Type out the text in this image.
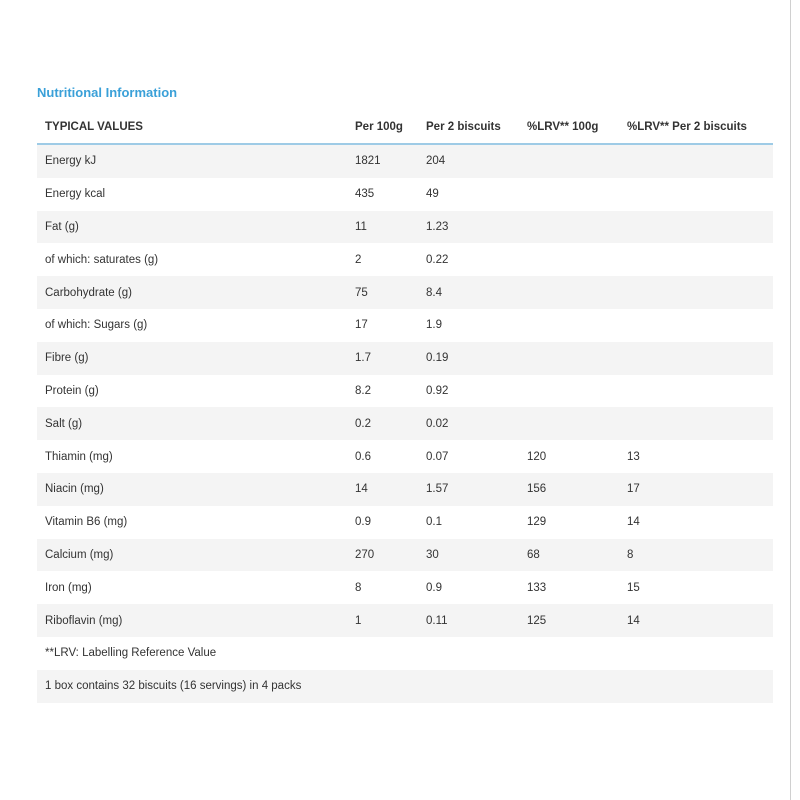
Nutritional Information
TYPICAL VALUES	Per 100g	Per 2 biscuits	%LRV** 100g	%LRV** Per 2 biscuits
Energy kJ	1821	204		
Energy kcal	435	49		
Fat (g)	11	1.23		
of which: saturates (g)	2	0.22		
Carbohydrate (g)	75	8.4		
of which: Sugars (g)	17	1.9		
Fibre (g)	1.7	0.19		
Protein (g)	8.2	0.92		
Salt (g)	0.2	0.02		
Thiamin (mg)	0.6	0.07	120	13
Niacin (mg)	14	1.57	156	17
Vitamin B6 (mg)	0.9	0.1	129	14
Calcium (mg)	270	30	68	8
Iron (mg)	8	0.9	133	15
Riboflavin (mg)	1	0.11	125	14
**LRV: Labelling Reference Value				
1 box contains 32 biscuits (16 servings) in 4 packs				
